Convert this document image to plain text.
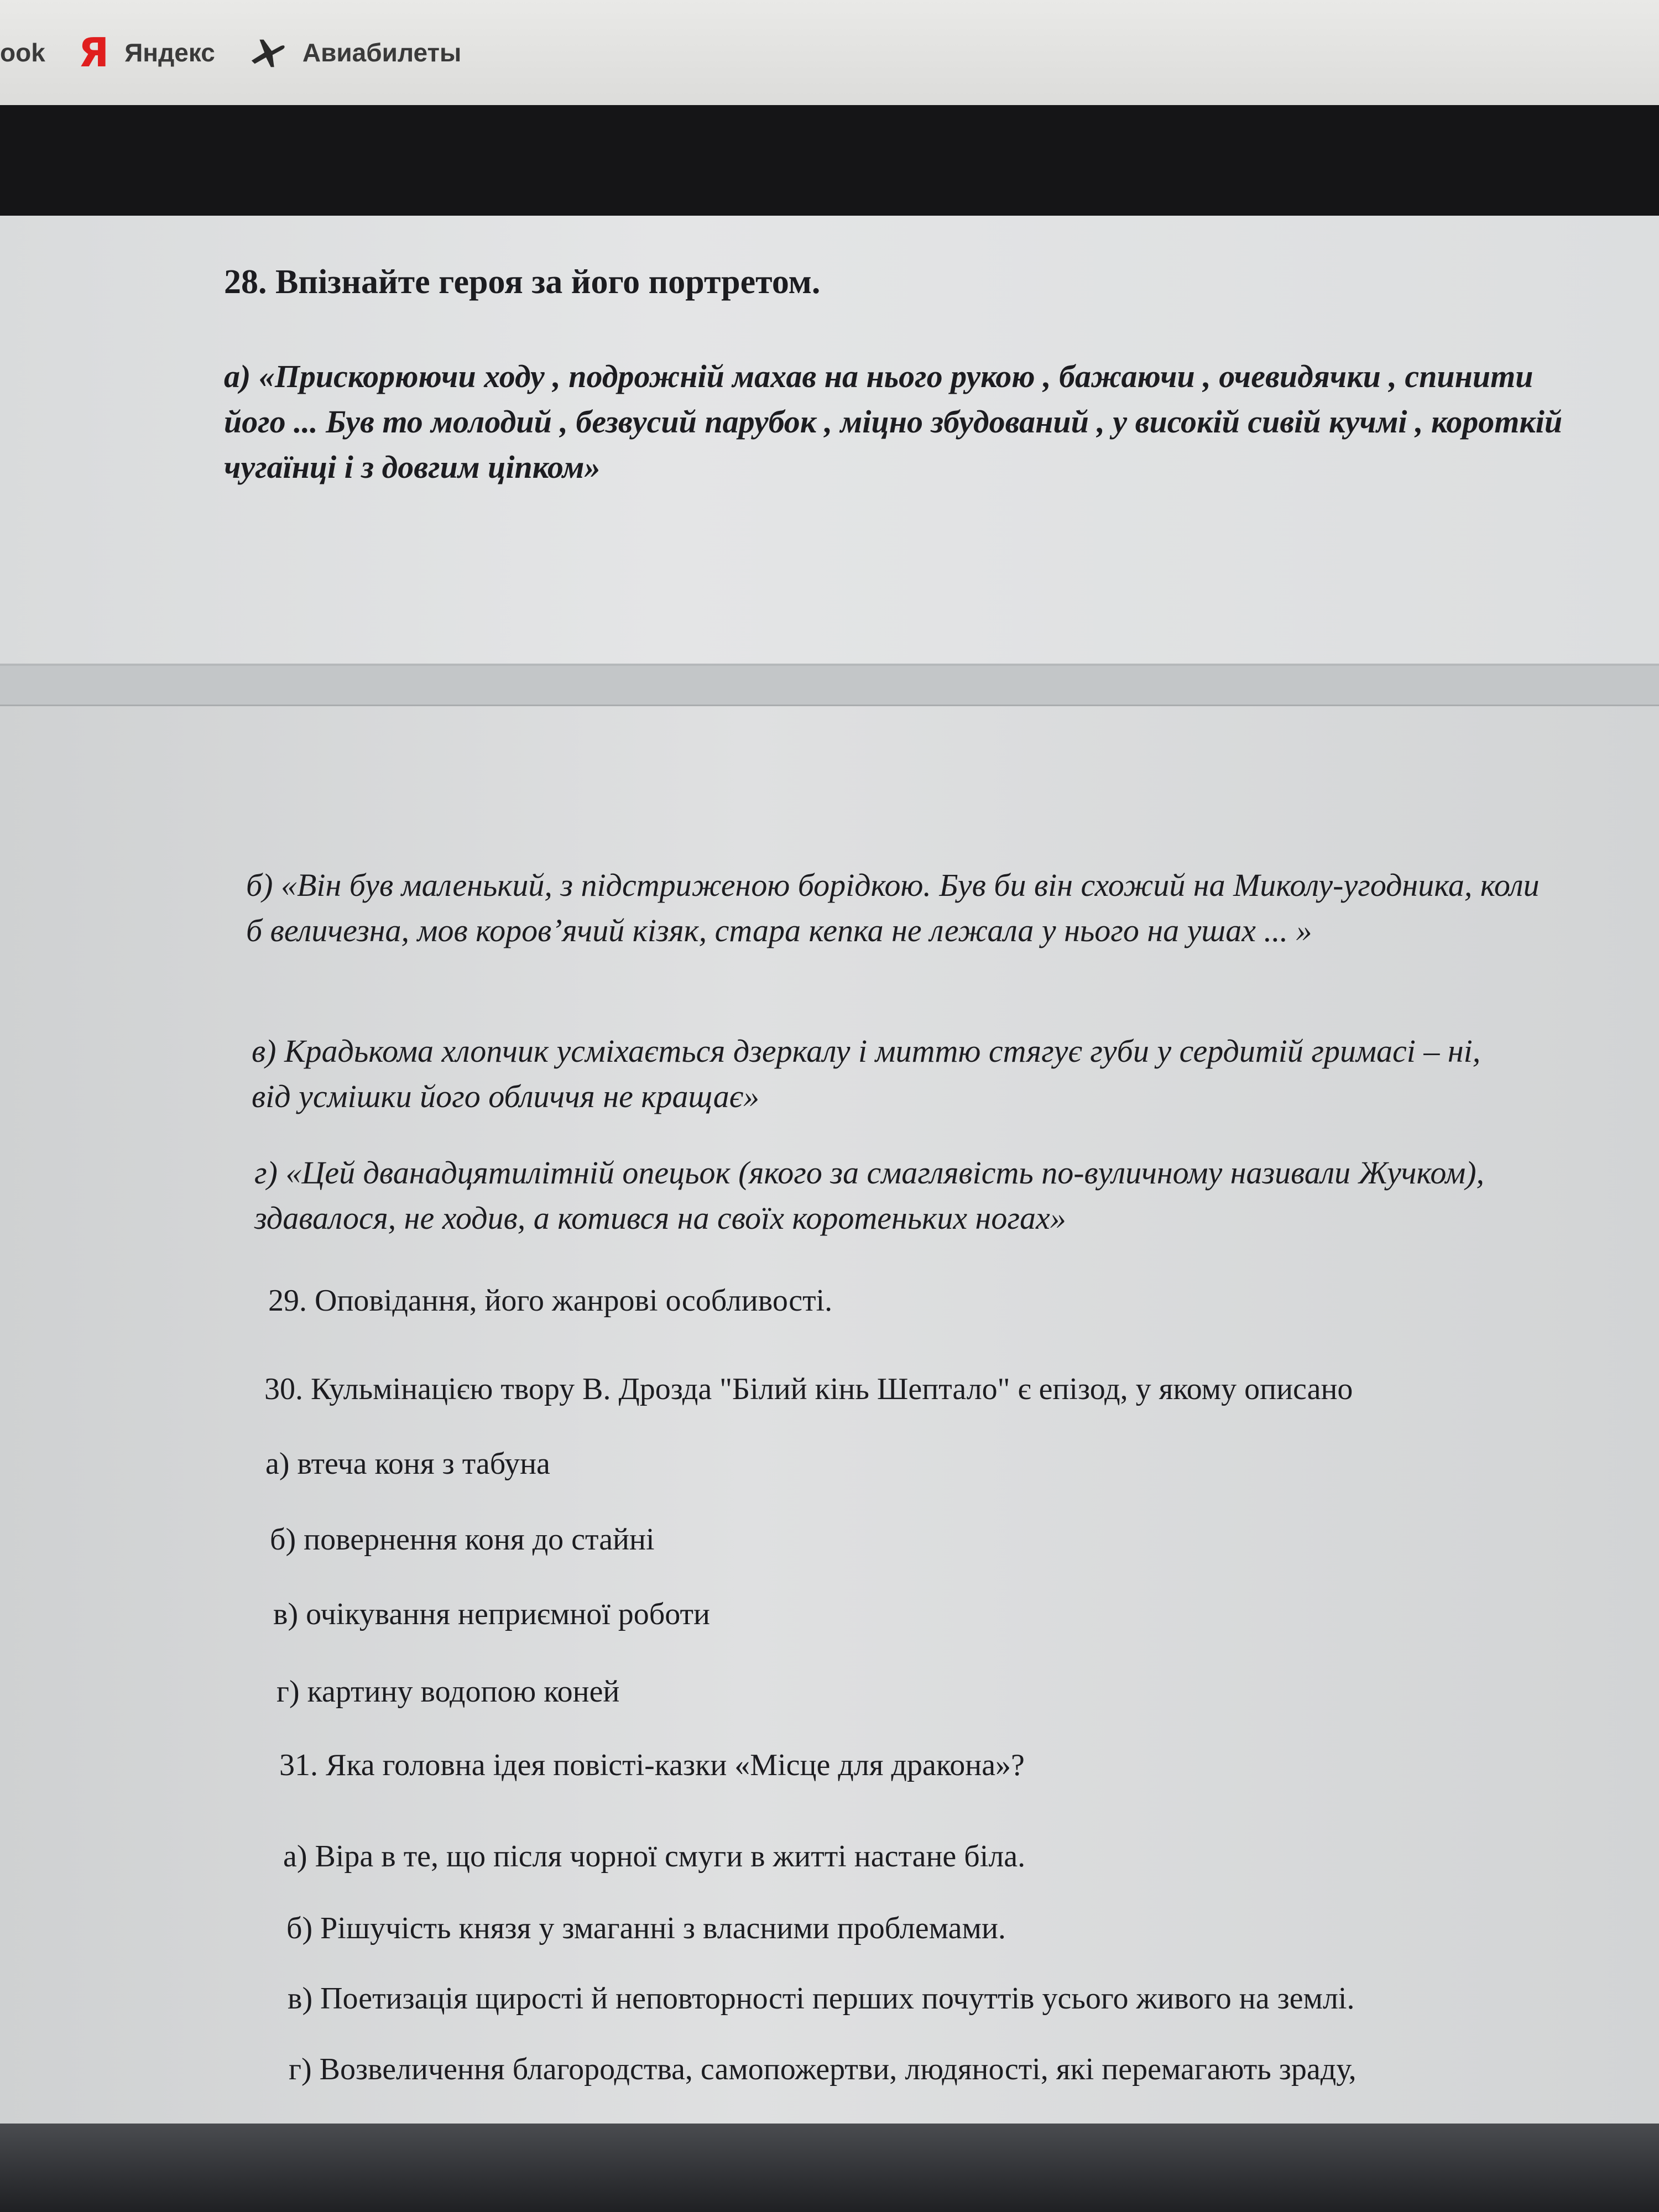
ook Я Яндекс	Авиабилеты

28. Впізнайте героя за його портретом.

а) «Прискорюючи ходу , подрожній махав на нього рукою , бажаючи , очевидячки , спинити його ... Був то молодий , безвусий парубок , міцно збудований , у високій сивій кучмі , короткій чугаїнці і з довгим ціпком»

б) «Він був маленький, з підстриженою борідкою. Був би він схожий на Миколу-угодника, коли б величезна, мов коров’ячий кізяк, стара кепка не лежала у нього на ушах ... »

в) Крадькома хлопчик усміхається дзеркалу і миттю стягує губи у сердитій гримасі – ні, від усмішки його обличчя не кращає»

г) «Цей дванадцятилітній опецьок (якого за смаглявість по-вуличному називали Жучком), здавалося, не ходив, а котився на своїх коротеньких ногах»

29. Оповідання, його жанрові особливості.

30. Кульмінацією твору В. Дрозда "Білий кінь Шептало" є епізод, у якому описано

а) втеча коня з табуна

б) повернення коня до стайні

в) очікування неприємної роботи

г) картину водопою коней

31. Яка головна ідея повісті-казки «Місце для дракона»?

а) Віра в те, що після чорної смуги в житті настане біла.

б) Рішучість князя у змаганні з власними проблемами.

в) Поетизація щирості й неповторності перших почуттів усього живого на землі.

г) Возвеличення благородства, самопожертви, людяності, які перемагають зраду,
